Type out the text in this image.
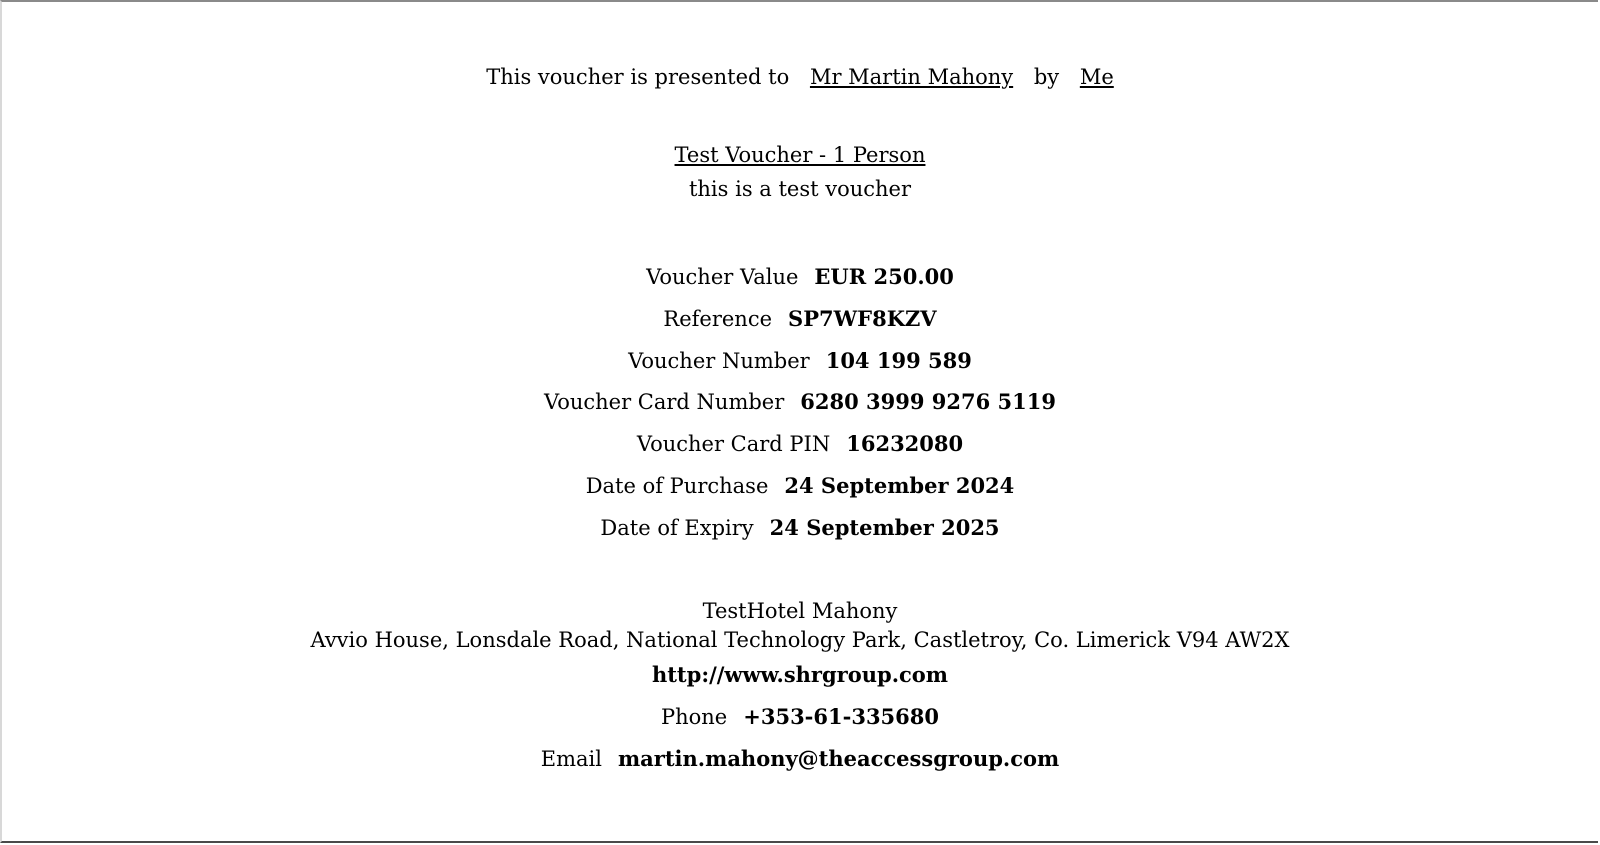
This voucher is presented to Mr Martin Mahony by Me
Test Voucher - 1 Person
this is a test voucher
Voucher Value EUR 250.00
Reference SP7WF8KZV
Voucher Number 104 199 589
Voucher Card Number 6280 3999 9276 5119
Voucher Card PIN 16232080
Date of Purchase 24 September 2024
Date of Expiry 24 September 2025
TestHotel Mahony
Avvio House, Lonsdale Road, National Technology Park, Castletroy, Co. Limerick V94 AW2X
http://www.shrgroup.com
Phone +353-61-335680
Email martin.mahony@theaccessgroup.com
